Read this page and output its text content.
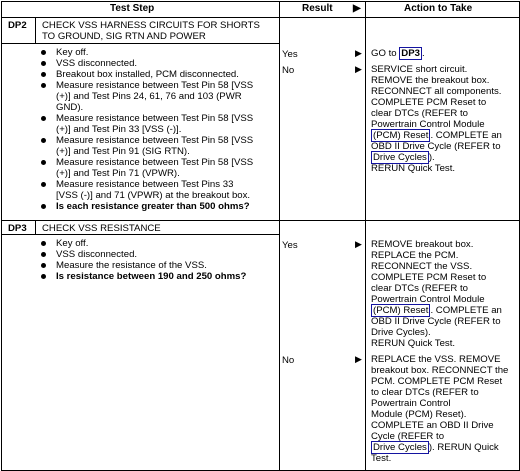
Test Step	Result ▶	Action to Take
DP2 CHECK VSS HARNESS CIRCUITS FOR SHORTS
TO GROUND, SIG RTN AND POWER
Key off.
VSS disconnected.
Breakout box installed, PCM disconnected.
Measure resistance between Test Pin 58 [VSS
(+)] and Test Pins 24, 61, 76 and 103 (PWR
GND).
Measure resistance between Test Pin 58 [VSS
(+)] and Test Pin 33 [VSS (-)].
Measure resistance between Test Pin 58 [VSS
(+)] and Test Pin 91 (SIG RTN).
Measure resistance between Test Pin 58 [VSS
(+)] and Test Pin 71 (VPWR).
Measure resistance between Test Pins 33
[VSS (-)] and 71 (VPWR) at the breakout box.
Is each resistance greater than 500 ohms?
Yes	▶ GO to DP3 .
No	▶ SERVICE short circuit.
REMOVE the breakout box.
RECONNECT all components.
COMPLETE PCM Reset to
clear DTCs (REFER to
Powertrain Control Module
(PCM) Reset . COMPLETE an
OBD II Drive Cycle (REFER to
Drive Cycles ).
RERUN Quick Test.
DP3 CHECK VSS RESISTANCE
Key off.
VSS disconnected.
Measure the resistance of the VSS.
Is resistance between 190 and 250 ohms?
Yes	▶ REMOVE breakout box.
REPLACE the PCM.
RECONNECT the VSS.
COMPLETE PCM Reset to
clear DTCs (REFER to
Powertrain Control Module
(PCM) Reset . COMPLETE an
OBD II Drive Cycle (REFER to
Drive Cycles).
RERUN Quick Test.
No	▶ REPLACE the VSS. REMOVE
breakout box. RECONNECT the
PCM. COMPLETE PCM Reset
to clear DTCs (REFER to
Powertrain Control
Module (PCM) Reset).
COMPLETE an OBD II Drive
Cycle (REFER to
Drive Cycles ). RERUN Quick
Test.
